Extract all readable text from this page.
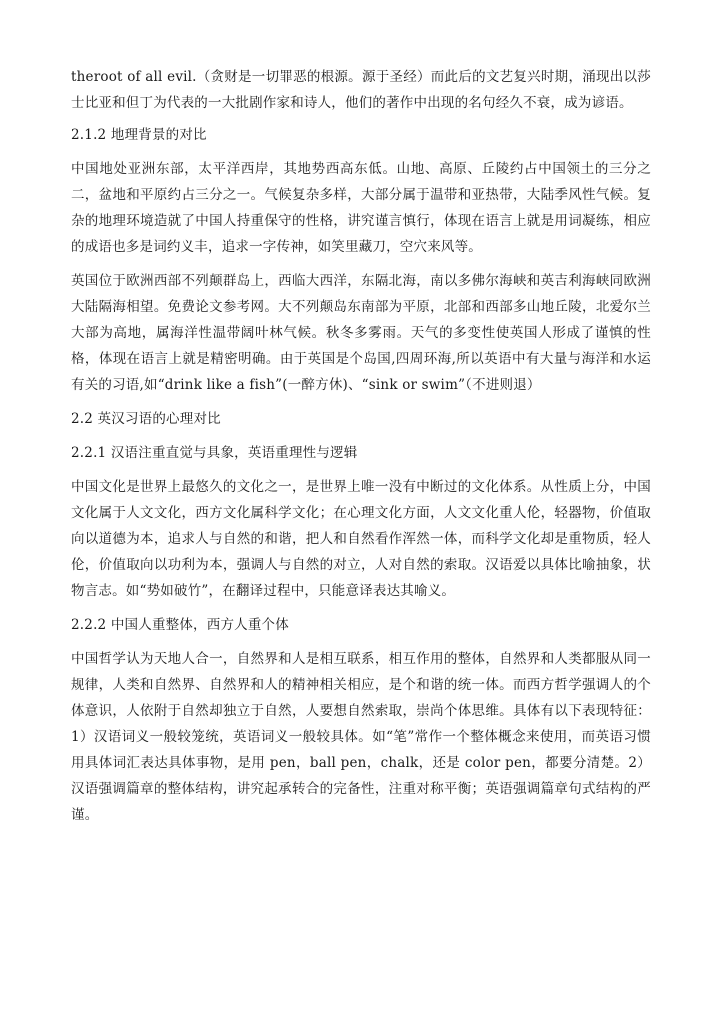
theroot of all evil.（贪财是一切罪恶的根源。源于圣经）而此后的文艺复兴时期，涌现出以莎士比亚和但丁为代表的一大批剧作家和诗人，他们的著作中出现的名句经久不衰，成为谚语。

2.1.2 地理背景的对比

中国地处亚洲东部，太平洋西岸，其地势西高东低。山地、高原、丘陵约占中国领土的三分之二，盆地和平原约占三分之一。气候复杂多样，大部分属于温带和亚热带，大陆季风性气候。复杂的地理环境造就了中国人持重保守的性格，讲究谨言慎行，体现在语言上就是用词凝练，相应的成语也多是词约义丰，追求一字传神，如笑里藏刀，空穴来风等。

英国位于欧洲西部不列颠群岛上，西临大西洋，东隔北海，南以多佛尔海峡和英吉利海峡同欧洲大陆隔海相望。免费论文参考网。大不列颠岛东南部为平原，北部和西部多山地丘陵，北爱尔兰大部为高地，属海洋性温带阔叶林气候。秋冬多雾雨。天气的多变性使英国人形成了谨慎的性格，体现在语言上就是精密明确。由于英国是个岛国,四周环海,所以英语中有大量与海洋和水运有关的习语,如“drink like a fish”(一醉方休)、“sink or swim”（不进则退）

2.2 英汉习语的心理对比

2.2.1 汉语注重直觉与具象，英语重理性与逻辑

中国文化是世界上最悠久的文化之一，是世界上唯一没有中断过的文化体系。从性质上分，中国文化属于人文文化，西方文化属科学文化；在心理文化方面，人文文化重人伦，轻器物，价值取向以道德为本，追求人与自然的和谐，把人和自然看作浑然一体，而科学文化却是重物质，轻人伦，价值取向以功利为本，强调人与自然的对立，人对自然的索取。汉语爱以具体比喻抽象，状物言志。如“势如破竹”，在翻译过程中，只能意译表达其喻义。

2.2.2 中国人重整体，西方人重个体

中国哲学认为天地人合一，自然界和人是相互联系，相互作用的整体，自然界和人类都服从同一规律，人类和自然界、自然界和人的精神相关相应，是个和谐的统一体。而西方哲学强调人的个体意识，人依附于自然却独立于自然，人要想自然索取，崇尚个体思维。具体有以下表现特征：1）汉语词义一般较笼统，英语词义一般较具体。如“笔”常作一个整体概念来使用，而英语习惯用具体词汇表达具体事物，是用 pen，ball pen，chalk，还是 color pen，都要分清楚。2）汉语强调篇章的整体结构，讲究起承转合的完备性，注重对称平衡；英语强调篇章句式结构的严谨。
